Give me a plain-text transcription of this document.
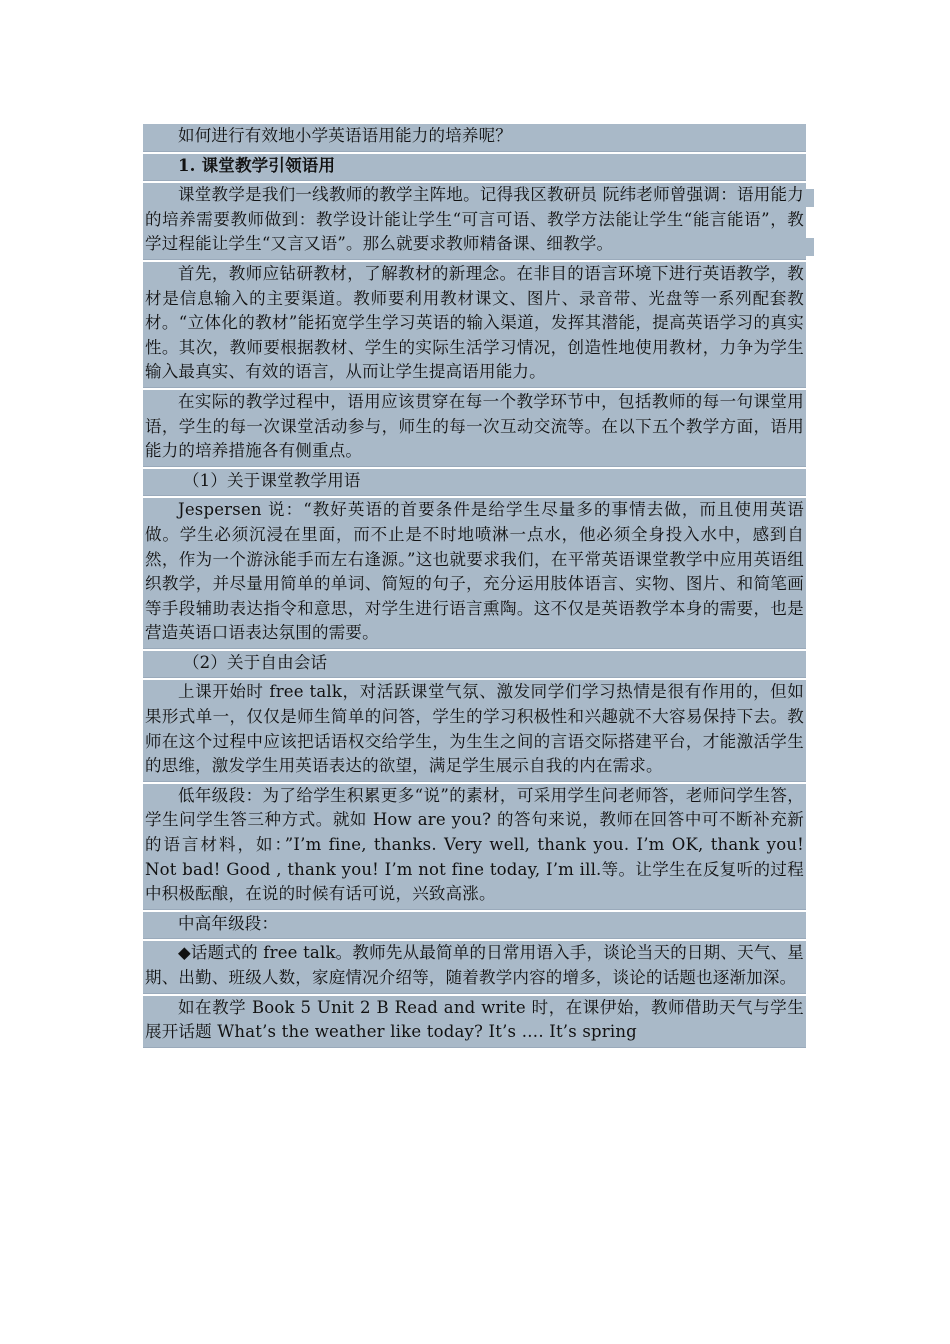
如何进行有效地小学英语语用能力的培养呢？

1. 课堂教学引领语用

课堂教学是我们一线教师的教学主阵地。记得我区教研员 阮纬老师曾强调：语用能力的培养需要教师做到：教学设计能让学生“可言可语、教学方法能让学生“能言能语”，教学过程能让学生“又言又语”。那么就要求教师精备课、细教学。

首先，教师应钻研教材，了解教材的新理念。在非目的语言环境下进行英语教学，教材是信息输入的主要渠道。教师要利用教材课文、图片、录音带、光盘等一系列配套教材。“立体化的教材”能拓宽学生学习英语的输入渠道，发挥其潜能，提高英语学习的真实性。其次，教师要根据教材、学生的实际生活学习情况，创造性地使用教材，力争为学生输入最真实、有效的语言，从而让学生提高语用能力。

在实际的教学过程中，语用应该贯穿在每一个教学环节中，包括教师的每一句课堂用语，学生的每一次课堂活动参与，师生的每一次互动交流等。在以下五个教学方面，语用能力的培养措施各有侧重点。

（1）关于课堂教学用语

Jespersen 说：“教好英语的首要条件是给学生尽量多的事情去做，而且使用英语做。学生必须沉浸在里面，而不止是不时地喷淋一点水，他必须全身投入水中，感到自然，作为一个游泳能手而左右逢源。”这也就要求我们，在平常英语课堂教学中应用英语组织教学，并尽量用简单的单词、简短的句子，充分运用肢体语言、实物、图片、和简笔画等手段辅助表达指令和意思，对学生进行语言熏陶。这不仅是英语教学本身的需要，也是营造英语口语表达氛围的需要。

（2）关于自由会话

上课开始时 free talk，对活跃课堂气氛、激发同学们学习热情是很有作用的，但如果形式单一，仅仅是师生简单的问答，学生的学习积极性和兴趣就不大容易保持下去。教师在这个过程中应该把话语权交给学生，为生生之间的言语交际搭建平台，才能激活学生的思维，激发学生用英语表达的欲望，满足学生展示自我的内在需求。

低年级段：为了给学生积累更多“说”的素材，可采用学生问老师答，老师问学生答，学生问学生答三种方式。就如 How are you? 的答句来说，教师在回答中可不断补充新的语言材料，如：”I’m fine, thanks. Very well, thank you. I’m OK, thank you! Not bad! Good , thank you! I’m not fine today, I’m ill.等。让学生在反复听的过程中积极酝酿，在说的时候有话可说，兴致高涨。

中高年级段：

◆话题式的 free talk。教师先从最简单的日常用语入手，谈论当天的日期、天气、星期、出勤、班级人数，家庭情况介绍等，随着教学内容的增多，谈论的话题也逐渐加深。

如在教学 Book 5 Unit 2 B Read and write 时，在课伊始，教师借助天气与学生展开话题 What’s the weather like today? It’s …. It’s spring
